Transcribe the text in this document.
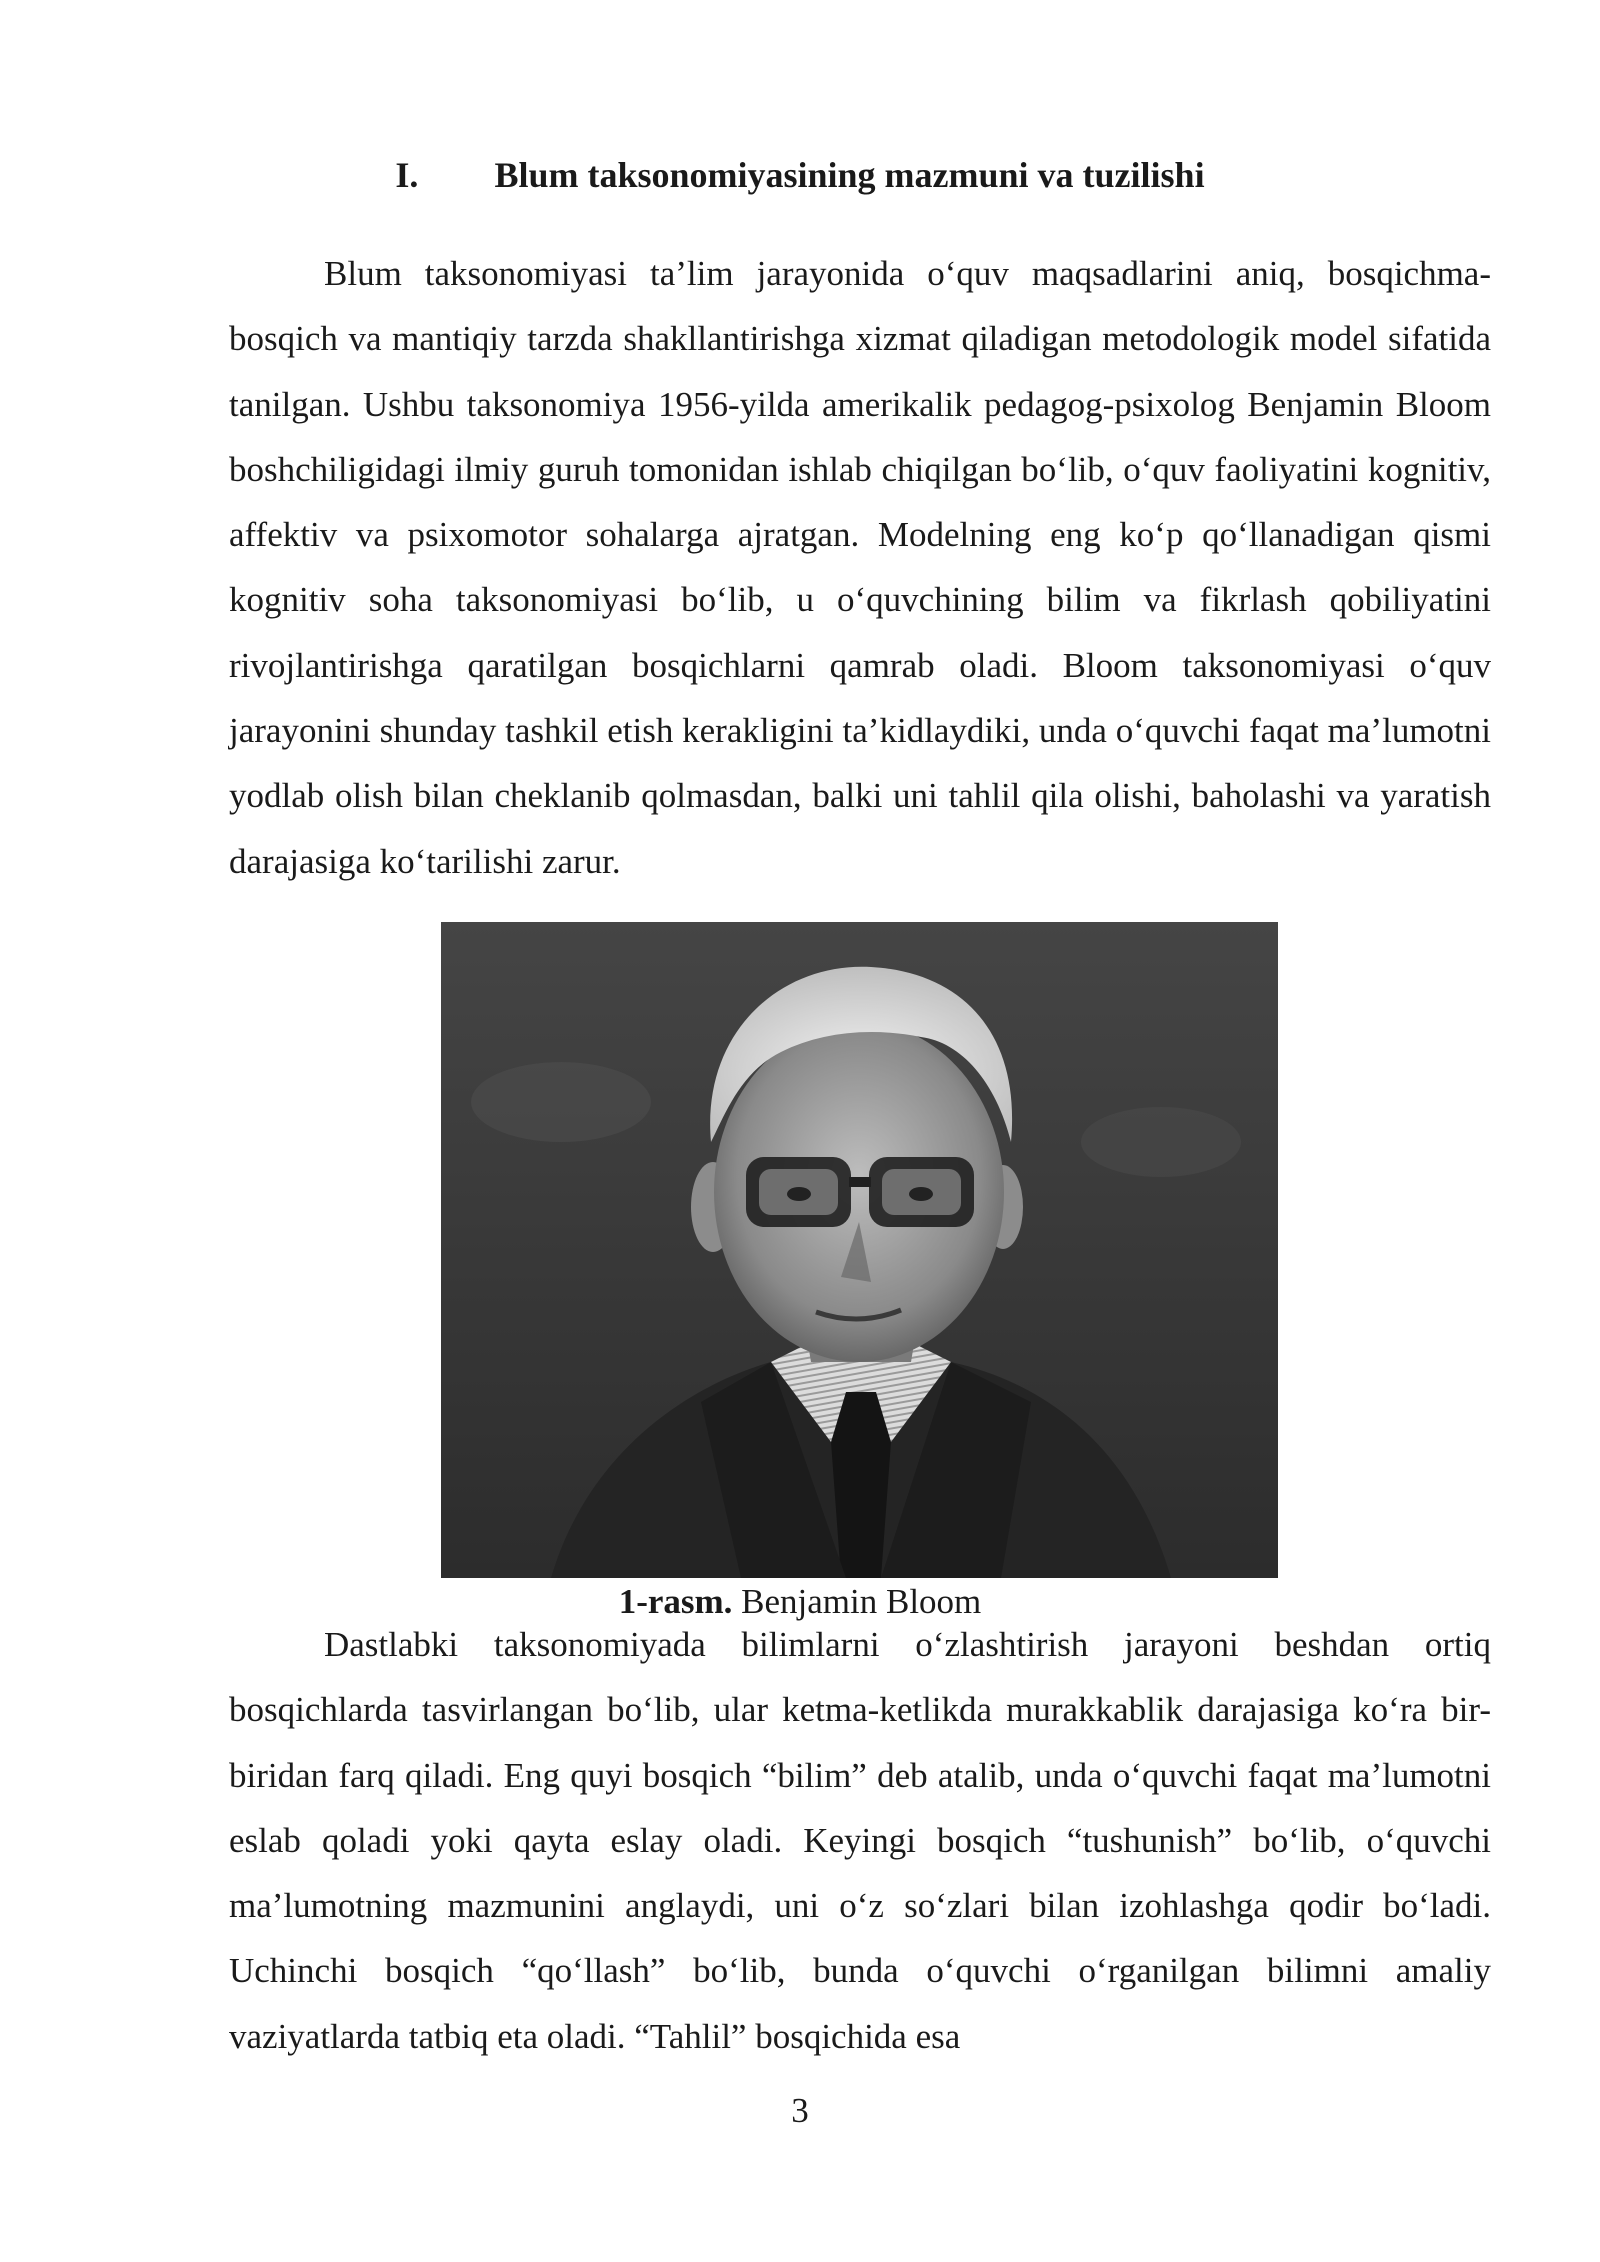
I. Blum taksonomiyasining mazmuni va tuzilishi

Blum taksonomiyasi ta’lim jarayonida o‘quv maqsadlarini aniq, bosqichma-bosqich va mantiqiy tarzda shakllantirishga xizmat qiladigan metodologik model sifatida tanilgan. Ushbu taksonomiya 1956-yilda amerikalik pedagog-psixolog Benjamin Bloom boshchiligidagi ilmiy guruh tomonidan ishlab chiqilgan bo‘lib, o‘quv faoliyatini kognitiv, affektiv va psixomotor sohalarga ajratgan. Modelning eng ko‘p qo‘llanadigan qismi kognitiv soha taksonomiyasi bo‘lib, u o‘quvchining bilim va fikrlash qobiliyatini rivojlantirishga qaratilgan bosqichlarni qamrab oladi. Bloom taksonomiyasi o‘quv jarayonini shunday tashkil etish kerakligini ta’kidlaydiki, unda o‘quvchi faqat ma’lumotni yodlab olish bilan cheklanib qolmasdan, balki uni tahlil qila olishi, baholashi va yaratish darajasiga ko‘tarilishi zarur.

1-rasm. Benjamin Bloom

Dastlabki taksonomiyada bilimlarni o‘zlashtirish jarayoni beshdan ortiq bosqichlarda tasvirlangan bo‘lib, ular ketma-ketlikda murakkablik darajasiga ko‘ra bir-biridan farq qiladi. Eng quyi bosqich “bilim” deb atalib, unda o‘quvchi faqat ma’lumotni eslab qoladi yoki qayta eslay oladi. Keyingi bosqich “tushunish” bo‘lib, o‘quvchi ma’lumotning mazmunini anglaydi, uni o‘z so‘zlari bilan izohlashga qodir bo‘ladi. Uchinchi bosqich “qo‘llash” bo‘lib, bunda o‘quvchi o‘rganilgan bilimni amaliy vaziyatlarda tatbiq eta oladi. “Tahlil” bosqichida esa

3
